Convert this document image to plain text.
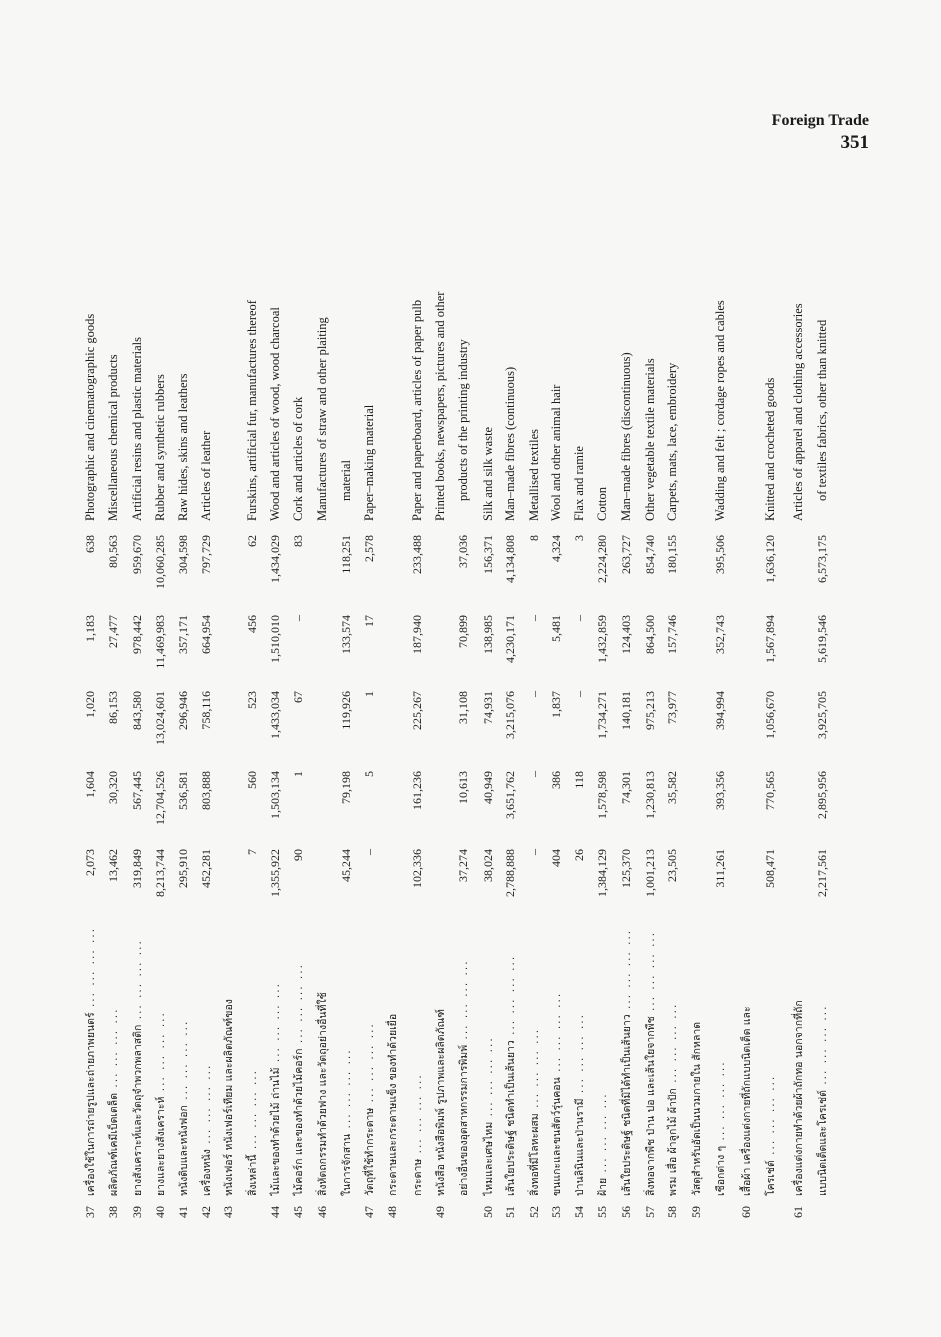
Foreign Trade
351
37
เครื่องใช้ในการถ่ายรูปและถ่ายภาพยนตร์ ... ... ... ...
2,073
1,604
1,020
1,183
638
Photographic and cinematographic goods
38
ผลิตภัณฑ์เคมีเบ็ดเตล็ด ... ... ... ...
13,462
30,320
86,153
27,477
80,563
Miscellaneous chemical products
39
ยางสังเคราะห์และวัตถุจำพวกพลาสติก ... ... ... ...
319,849
567,445
843,580
978,442
959,670
Artificial resins and plastic materials
40
ยางและยางสังเคราะห์ ... ... ... ...
8,213,744
12,704,526
13,024,601
11,469,983
10,060,285
Rubber and synthetic rubbers
41
หนังดิบและหนังฟอก ... ... ... ...
295,910
536,581
296,946
357,171
304,598
Raw hides, skins and leathers
42
เครื่องหนัง ... ... ... ...
452,281
803,888
758,116
664,954
797,729
Articles of leather
43
หนังเฟอร์ หนังเฟอร์เทียม และผลิตภัณฑ์ของ สิ่งเหล่านี้ ... ... ... ...
7
560
523
456
62
Furskins, artificial fur, manufactures thereof
44
ไม้และของทำด้วยไม้ ถ่านไม้ ... ... ... ...
1,355,922
1,503,134
1,433,034
1,510,010
1,434,029
Wood and articles of wood, wood charcoal
45
ไม้คอร์ก และของทำด้วยไม้คอร์ก ... ... ... ...
90
1
67
–
83
Cork and articles of cork
46
สิ่งหัตถกรรมทำด้วยฟาง และวัตถุอย่างอื่นที่ใช้
Manufactures of straw and other plaiting
ในการจักสาน ... ... ... ...
45,244
79,198
119,926
133,574
118,251
material
47
วัตถุที่ใช้ทำกระดาษ ... ... ... ...
–
5
1
17
2,578
Paper–making material
48
กระดาษและกระดาษแข็ง ของทำด้วยเยื่อ กระดาษ ... ... ... ...
102,336
161,236
225,267
187,940
233,488
Paper and paperboard, articles of paper pulb
49
หนังสือ หนังสือพิมพ์ รูปภาพและผลิตภัณฑ์
Printed books, newspapers, pictures and other
อย่างอื่นของอุตสาหกรรมการพิมพ์ ... ... ... ...
37,274
10,613
31,108
70,899
37,036
products of the printing industry
50
ไหมและเศษไหม ... ... ... ...
38,024
40,949
74,931
138,985
156,371
Silk and silk waste
51
เส้นใยประดิษฐ์ ชนิดทำเป็นเส้นยาว ... ... ... ...
2,788,888
3,651,762
3,215,076
4,230,171
4,134,808
Man–made fibres (continuous)
52
สิ่งทอที่มีโลหะผสม ... ... ... ...
–
–
–
–
8
Metallised textiles
53
ขนแกะและขนสัตว์รุ่นคอน ... ... ... ...
404
386
1,837
5,481
4,324
Wool and other animal hair
54
ป่านลินินและป่านรามี ... ... ... ...
26
118
–
–
3
Flax and ramie
55
ฝ้าย ... ... ... ...
1,384,129
1,578,598
1,734,271
1,432,859
2,224,280
Cotton
56
เส้นใยประดิษฐ์ ชนิดที่มิได้ทำเป็นเส้นยาว ... ... ... ...
125,370
74,301
140,181
124,403
263,727
Man–made fibres (discontinuous)
57
สิ่งทอจากพืช ป่าน ปอ และเส้นใยจากพืช ... ... ... ...
1,001,213
1,230,813
975,213
864,500
854,740
Other vegetable textile materials
58
พรม เสื่อ ผ้าลูกไม้ ผ้าปัก ... ... ... ...
23,505
35,582
73,977
157,746
180,155
Carpets, mats, lace, embroidery
59
วัสดุสำหรับอัดเป็นนวมกายใน สักหลาด เชือกต่าง ๆ ... ... ... ...
311,261
393,356
394,994
352,743
395,506
Wadding and felt ; cordage ropes and cables
60
เสื้อผ้า เครื่องแต่งกายที่ถักแบบนิตเต็ด และ โครเช่ต์ ... ... ... ...
508,471
770,565
1,056,670
1,567,894
1,636,120
Knitted and crocheted goods
61
เครื่องแต่งกายทำด้วยผ้าถักทอ นอกจากที่ถัก
Articles of apparel and clothing accessories
แบบนิตเต็ดและโครเช่ต์ ... ... ... ...
2,217,561
2,895,956
3,925,705
5,619,546
6,573,175
of textiles fabrics, other than knitted
